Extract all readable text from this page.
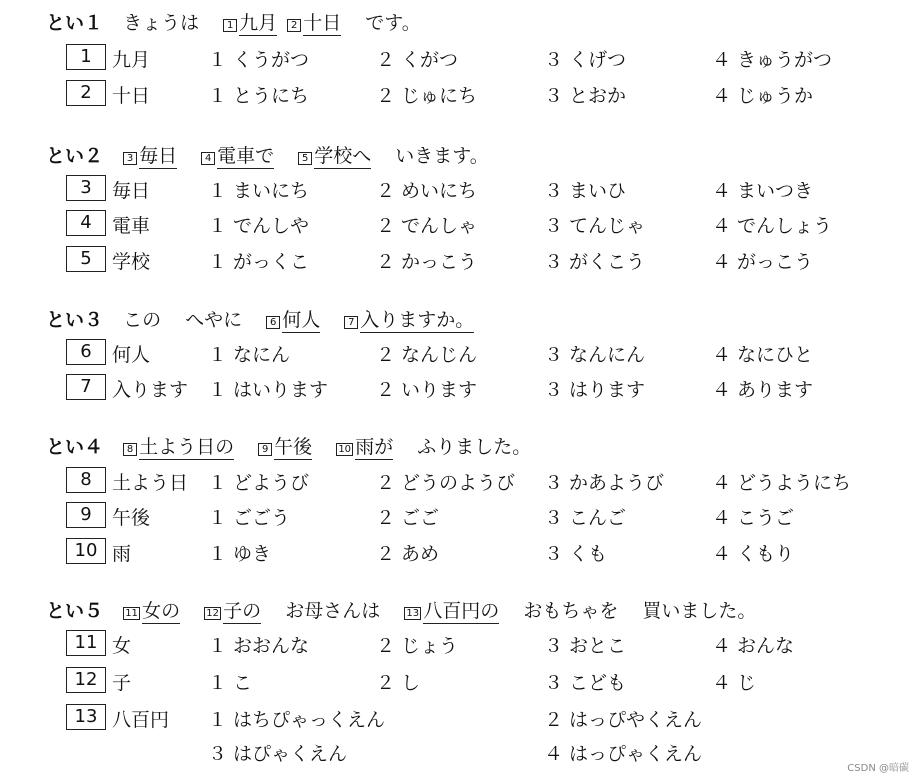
とい１ きょうは	1 九月 2 十日 です。
1	九月	１ くうがつ	２ くがつ	３ くげつ	４ きゅうがつ
2	十日	１ とうにち	２ じゅにち	３ とおか	４ じゅうか
とい２ 3 毎日	4 電車で	5 学校へ いきます。
3	毎日	１ まいにち	２ めいにち	３ まいひ	４ まいつき
4	電車	１ でんしや	２ でんしゃ	３ てんじゃ	４ でんしょう
5	学校	１ がっくこ	２ かっこう	３ がくこう	４ がっこう
とい３ この へやに	6 何人	7 入りますか。
6	何人	１ なにん	２ なんじん	３ なんにん	４ なにひと
7	入ります １ はいります	２ いります	３ はります	４ あります
とい４ 8 土よう日の	9 午後	10 雨が ふりました。
8	土よう日 １ どようび	２ どうのようび ３ かあようび	４ どうようにち
9	午後	１ ごごう	２ ごご	３ こんご	４ こうご
10 雨	１ ゆき	２ あめ	３ くも	４ くもり
とい５ 11 女の	12 子の お母さんは	13 八百円の おもちゃを 買いました。
11 女	１ おおんな	２ じょう	３ おとこ	４ おんな
12 子	１ こ	２ し	３ こども	４ じ
13 八百円 １ はちぴゃっくえん	２ はっぴやくえん
３ はぴゃくえん	４ はっぴゃくえん
CSDN @暗碳
